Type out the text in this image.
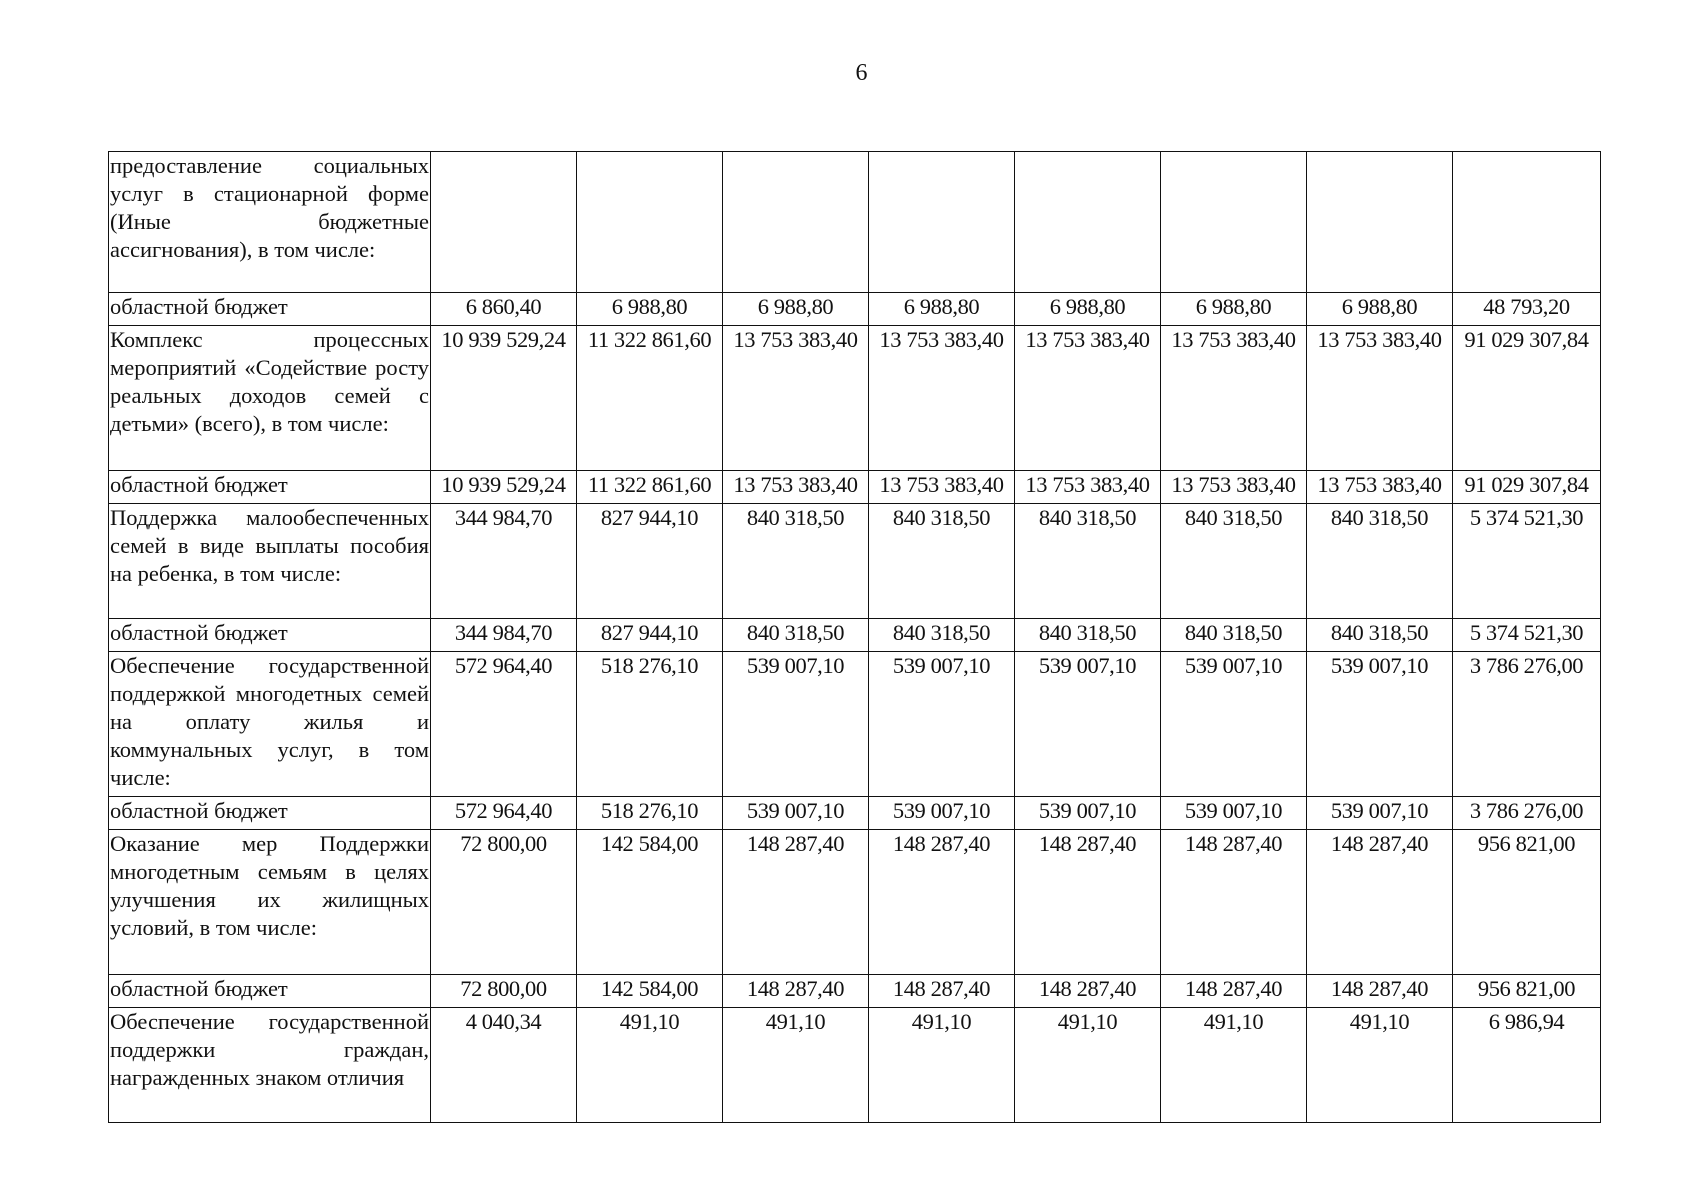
6
предоставление социальных услуг в стационарной форме (Иные бюджетные ассигнования), в том числе:								
областной бюджет	6 860,40	6 988,80	6 988,80	6 988,80	6 988,80	6 988,80	6 988,80	48 793,20
Комплекс процессных мероприятий «Содействие росту реальных доходов семей с детьми» (всего), в том числе:	10 939 529,24	11 322 861,60	13 753 383,40	13 753 383,40	13 753 383,40	13 753 383,40	13 753 383,40	91 029 307,84
областной бюджет	10 939 529,24	11 322 861,60	13 753 383,40	13 753 383,40	13 753 383,40	13 753 383,40	13 753 383,40	91 029 307,84
Поддержка малообеспеченных семей в виде выплаты пособия на ребенка, в том числе:	344 984,70	827 944,10	840 318,50	840 318,50	840 318,50	840 318,50	840 318,50	5 374 521,30
областной бюджет	344 984,70	827 944,10	840 318,50	840 318,50	840 318,50	840 318,50	840 318,50	5 374 521,30
Обеспечение государственной поддержкой многодетных семей на оплату жилья и коммунальных услуг, в том числе:	572 964,40	518 276,10	539 007,10	539 007,10	539 007,10	539 007,10	539 007,10	3 786 276,00
областной бюджет	572 964,40	518 276,10	539 007,10	539 007,10	539 007,10	539 007,10	539 007,10	3 786 276,00
Оказание мер Поддержки многодетным семьям в целях улучшения их жилищных условий, в том числе:	72 800,00	142 584,00	148 287,40	148 287,40	148 287,40	148 287,40	148 287,40	956 821,00
областной бюджет	72 800,00	142 584,00	148 287,40	148 287,40	148 287,40	148 287,40	148 287,40	956 821,00
Обеспечение государственной поддержки граждан, награжденных знаком отличия	4 040,34	491,10	491,10	491,10	491,10	491,10	491,10	6 986,94
